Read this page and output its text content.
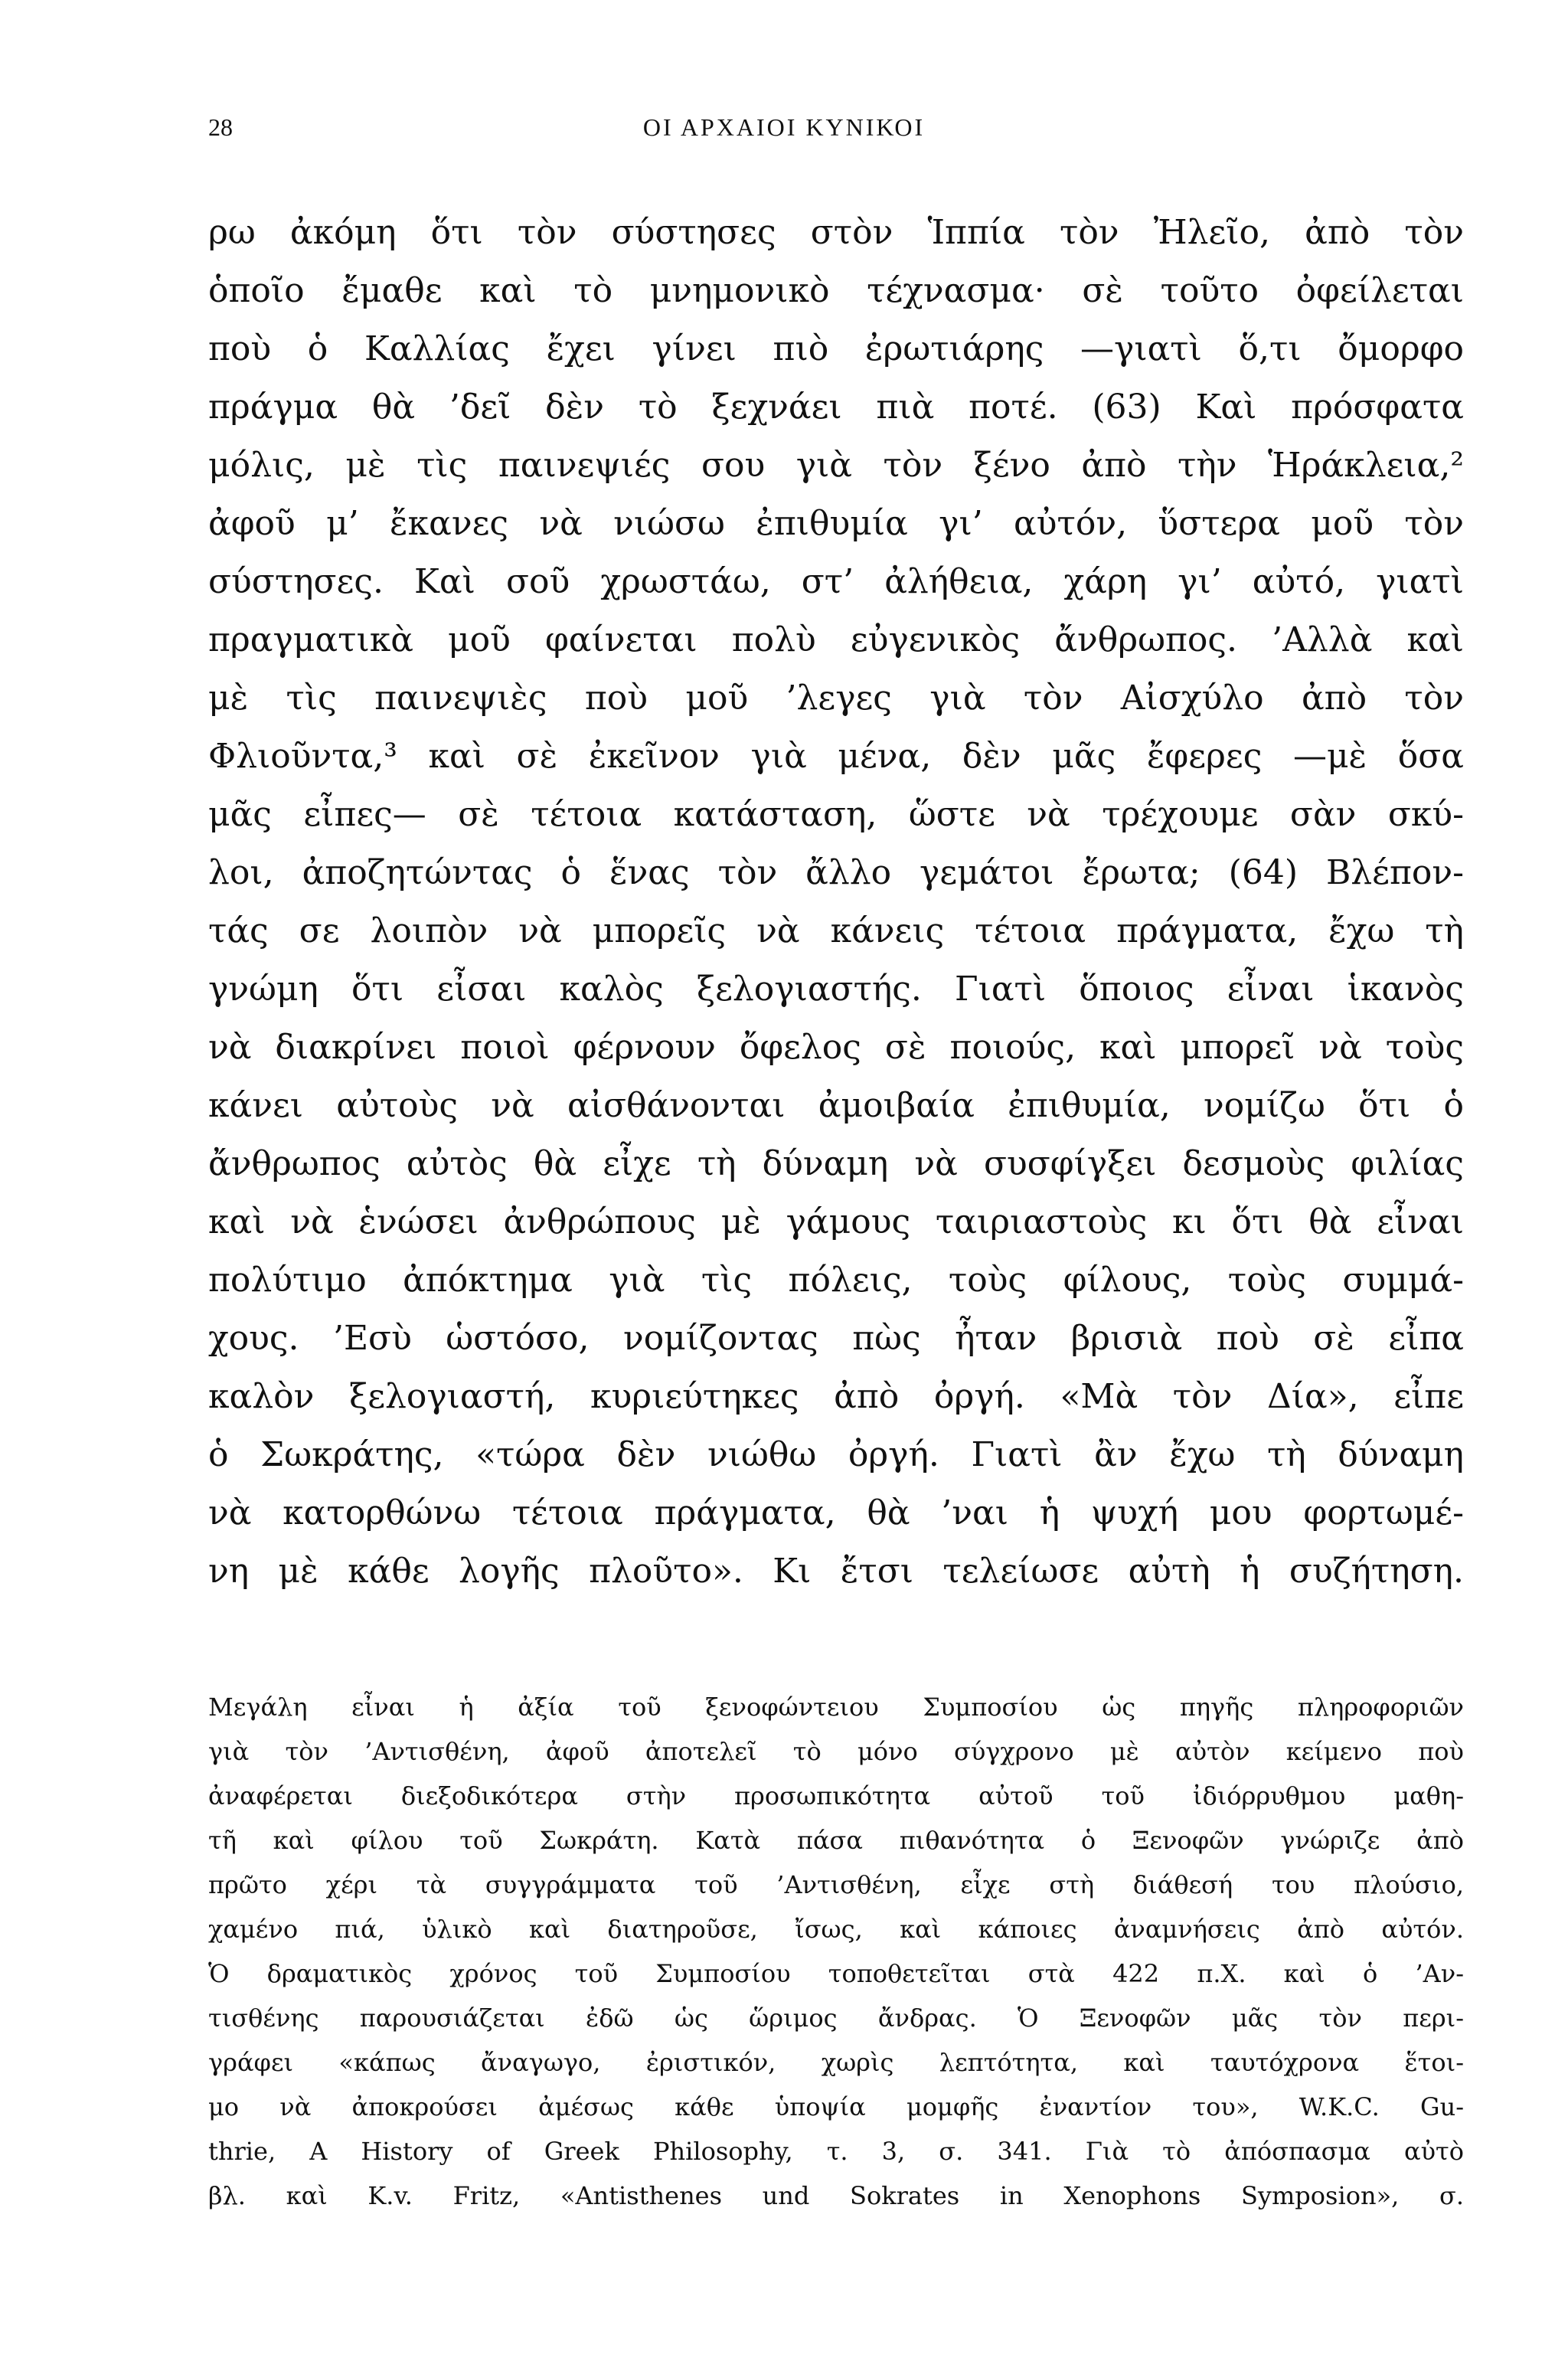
28	ΟΙ ΑΡΧΑΙΟΙ ΚΥΝΙΚΟΙ
ρω ἀκόμη ὅτι τὸν σύστησες στὸν Ἱππία τὸν Ἠλεῖο, ἀπὸ τὸν
ὁποῖο ἔμαθε καὶ τὸ μνημονικὸ τέχνασμα· σὲ τοῦτο ὀφείλεται
ποὺ ὁ Καλλίας ἔχει γίνει πιὸ ἐρωτιάρης —γιατὶ ὅ,τι ὄμορφο
πράγμα θὰ ’δεῖ δὲν τὸ ξεχνάει πιὰ ποτέ. (63) Καὶ πρόσφατα
μόλις, μὲ τὶς παινεψιές σου γιὰ τὸν ξένο ἀπὸ τὴν Ἡράκλεια,²
ἀφοῦ μ’ ἔκανες νὰ νιώσω ἐπιθυμία γι’ αὐτόν, ὕστερα μοῦ τὸν
σύστησες. Καὶ σοῦ χρωστάω, στ’ ἀλήθεια, χάρη γι’ αὐτό, γιατὶ
πραγματικὰ μοῦ φαίνεται πολὺ εὐγενικὸς ἄνθρωπος. ’Αλλὰ καὶ
μὲ τὶς παινεψιὲς ποὺ μοῦ ’λεγες γιὰ τὸν Αἰσχύλο ἀπὸ τὸν
Φλιοῦντα,³ καὶ σὲ ἐκεῖνον γιὰ μένα, δὲν μᾶς ἔφερες —μὲ ὅσα
μᾶς εἶπες— σὲ τέτοια κατάσταση, ὥστε νὰ τρέχουμε σὰν σκύ-
λοι, ἀποζητώντας ὁ ἕνας τὸν ἄλλο γεμάτοι ἔρωτα; (64) Βλέπον-
τάς σε λοιπὸν νὰ μπορεῖς νὰ κάνεις τέτοια πράγματα, ἔχω τὴ
γνώμη ὅτι εἶσαι καλὸς ξελογιαστής. Γιατὶ ὅποιος εἶναι ἱκανὸς
νὰ διακρίνει ποιοὶ φέρνουν ὄφελος σὲ ποιούς, καὶ μπορεῖ νὰ τοὺς
κάνει αὐτοὺς νὰ αἰσθάνονται ἀμοιβαία ἐπιθυμία, νομίζω ὅτι ὁ
ἄνθρωπος αὐτὸς θὰ εἶχε τὴ δύναμη νὰ συσφίγξει δεσμοὺς φιλίας
καὶ νὰ ἑνώσει ἀνθρώπους μὲ γάμους ταιριαστοὺς κι ὅτι θὰ εἶναι
πολύτιμο ἀπόκτημα γιὰ τὶς πόλεις, τοὺς φίλους, τοὺς συμμά-
χους. ’Εσὺ ὡστόσο, νομίζοντας πὼς ἦταν βρισιὰ ποὺ σὲ εἶπα
καλὸν ξελογιαστή, κυριεύτηκες ἀπὸ ὀργή. «Μὰ τὸν Δία», εἶπε
ὁ Σωκράτης, «τώρα δὲν νιώθω ὀργή. Γιατὶ ἂν ἔχω τὴ δύναμη
νὰ κατορθώνω τέτοια πράγματα, θὰ ’ναι ἡ ψυχή μου φορτωμέ-
νη μὲ κάθε λογῆς πλοῦτο». Κι ἔτσι τελείωσε αὐτὴ ἡ συζήτηση.
Μεγάλη εἶναι ἡ ἀξία τοῦ ξενοφώντειου Συμποσίου ὡς πηγῆς πληροφοριῶν
γιὰ τὸν ’Αντισθένη, ἀφοῦ ἀποτελεῖ τὸ μόνο σύγχρονο μὲ αὐτὸν κείμενο ποὺ
ἀναφέρεται διεξοδικότερα στὴν προσωπικότητα αὐτοῦ τοῦ ἰδιόρρυθμου μαθη-
τῆ καὶ φίλου τοῦ Σωκράτη. Κατὰ πάσα πιθανότητα ὁ Ξενοφῶν γνώριζε ἀπὸ
πρῶτο χέρι τὰ συγγράμματα τοῦ ’Αντισθένη, εἶχε στὴ διάθεσή του πλούσιο,
χαμένο πιά, ὑλικὸ καὶ διατηροῦσε, ἴσως, καὶ κάποιες ἀναμνήσεις ἀπὸ αὐτόν.
Ὁ δραματικὸς χρόνος τοῦ Συμποσίου τοποθετεῖται στὰ 422 π.Χ. καὶ ὁ ’Αν-
τισθένης παρουσιάζεται ἐδῶ ὡς ὥριμος ἄνδρας. Ὁ Ξενοφῶν μᾶς τὸν περι-
γράφει «κάπως ἄναγωγο, ἐριστικόν, χωρὶς λεπτότητα, καὶ ταυτόχρονα ἕτοι-
μο νὰ ἀποκρούσει ἀμέσως κάθε ὑποψία μομφῆς ἐναντίον του», W.K.C. Gu-
thrie, A History of Greek Philosophy, τ. 3, σ. 341. Γιὰ τὸ ἀπόσπασμα αὐτὸ
βλ. καὶ K.v. Fritz, «Antisthenes und Sokrates in Xenophons Symposion», σ.
